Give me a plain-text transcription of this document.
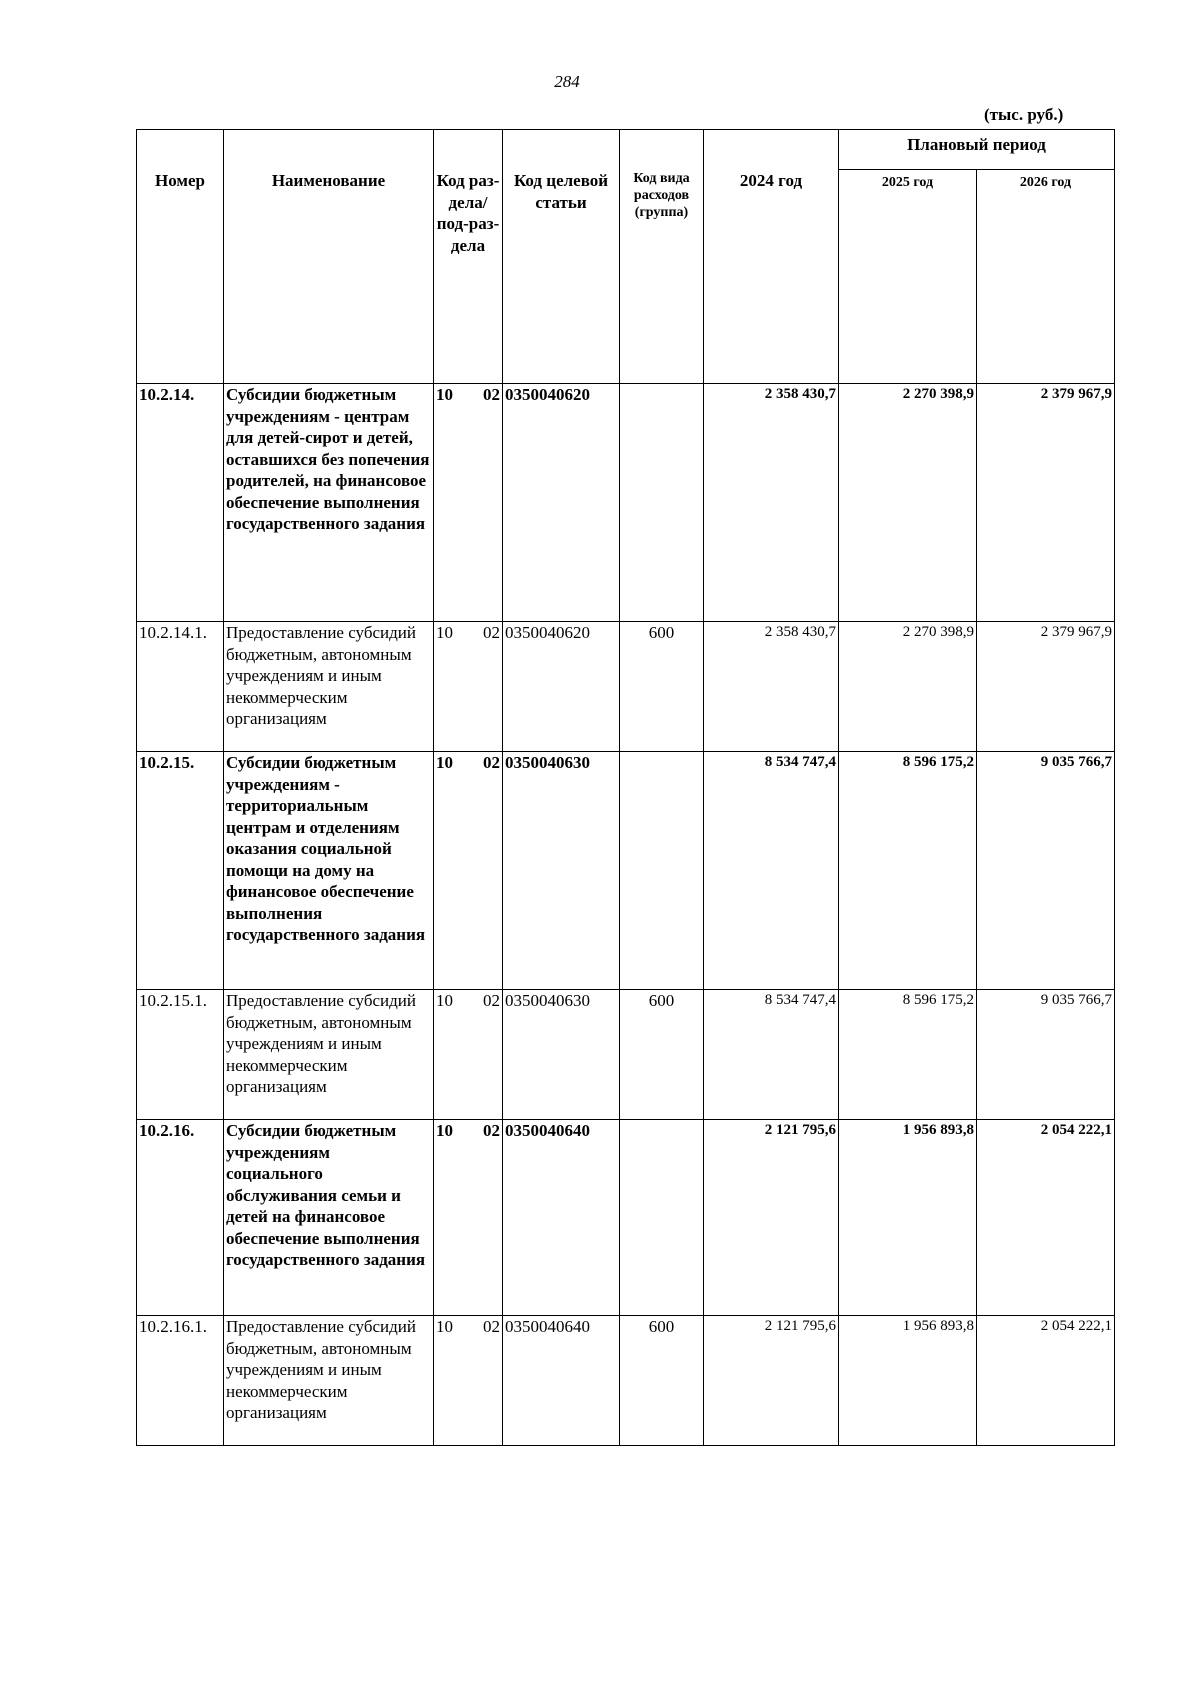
284
(тыс. руб.)
Номер	Наименование	Код раз-дела/ под-раз-дела	Код целевой статьи	Код вида расходов (группа)	2024 год	Плановый период	
						2025 год	2026 год
10.2.14.	Субсидии бюджетным учреждениям - центрам для детей-сирот и детей, оставшихся без попечения родителей, на финансовое обеспечение выполнения государственного задания	10 02	0350040620		2 358 430,7	2 270 398,9	2 379 967,9
10.2.14.1.	Предоставление субсидий бюджетным, автономным учреждениям и иным некоммерческим организациям	10 02	0350040620	600	2 358 430,7	2 270 398,9	2 379 967,9
10.2.15.	Субсидии бюджетным учреждениям - территориальным центрам и отделениям оказания социальной помощи на дому на финансовое обеспечение выполнения государственного задания	10 02	0350040630		8 534 747,4	8 596 175,2	9 035 766,7
10.2.15.1.	Предоставление субсидий бюджетным, автономным учреждениям и иным некоммерческим организациям	10 02	0350040630	600	8 534 747,4	8 596 175,2	9 035 766,7
10.2.16.	Субсидии бюджетным учреждениям социального обслуживания семьи и детей на финансовое обеспечение выполнения государственного задания	10 02	0350040640		2 121 795,6	1 956 893,8	2 054 222,1
10.2.16.1.	Предоставление субсидий бюджетным, автономным учреждениям и иным некоммерческим организациям	10 02	0350040640	600	2 121 795,6	1 956 893,8	2 054 222,1
